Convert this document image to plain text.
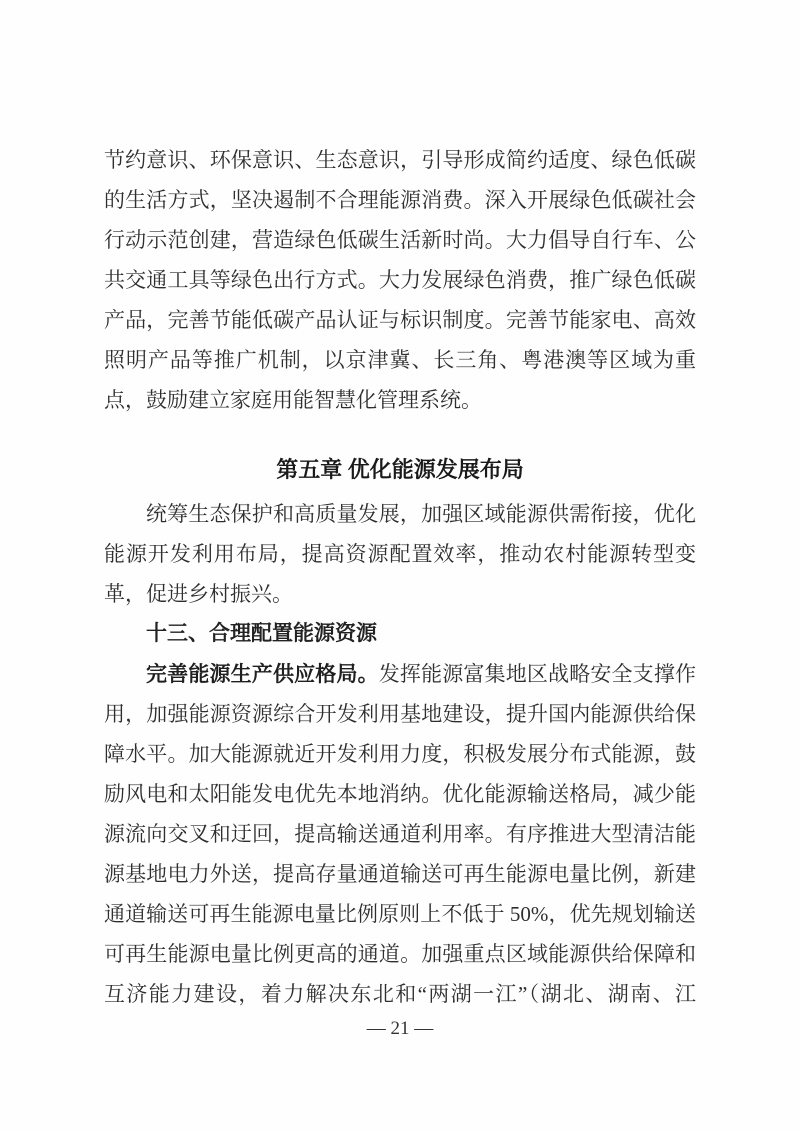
节约意识、环保意识、生态意识，引导形成简约适度、绿色低碳
的生活方式，坚决遏制不合理能源消费。深入开展绿色低碳社会
行动示范创建，营造绿色低碳生活新时尚。大力倡导自行车、公
共交通工具等绿色出行方式。大力发展绿色消费，推广绿色低碳
产品，完善节能低碳产品认证与标识制度。完善节能家电、高效
照明产品等推广机制，以京津冀、长三角、粤港澳等区域为重
点，鼓励建立家庭用能智慧化管理系统。
第五章 优化能源发展布局
统筹生态保护和高质量发展，加强区域能源供需衔接，优化
能源开发利用布局，提高资源配置效率，推动农村能源转型变
革，促进乡村振兴。
十三、合理配置能源资源
完善能源生产供应格局。发挥能源富集地区战略安全支撑作
用，加强能源资源综合开发利用基地建设，提升国内能源供给保
障水平。加大能源就近开发利用力度，积极发展分布式能源，鼓
励风电和太阳能发电优先本地消纳。优化能源输送格局，减少能
源流向交叉和迂回，提高输送通道利用率。有序推进大型清洁能
源基地电力外送，提高存量通道输送可再生能源电量比例，新建
通道输送可再生能源电量比例原则上不低于 50%，优先规划输送
可再生能源电量比例更高的通道。加强重点区域能源供给保障和
互济能力建设，着力解决东北和“两湖一江”（湖北、湖南、江
— 21 —
